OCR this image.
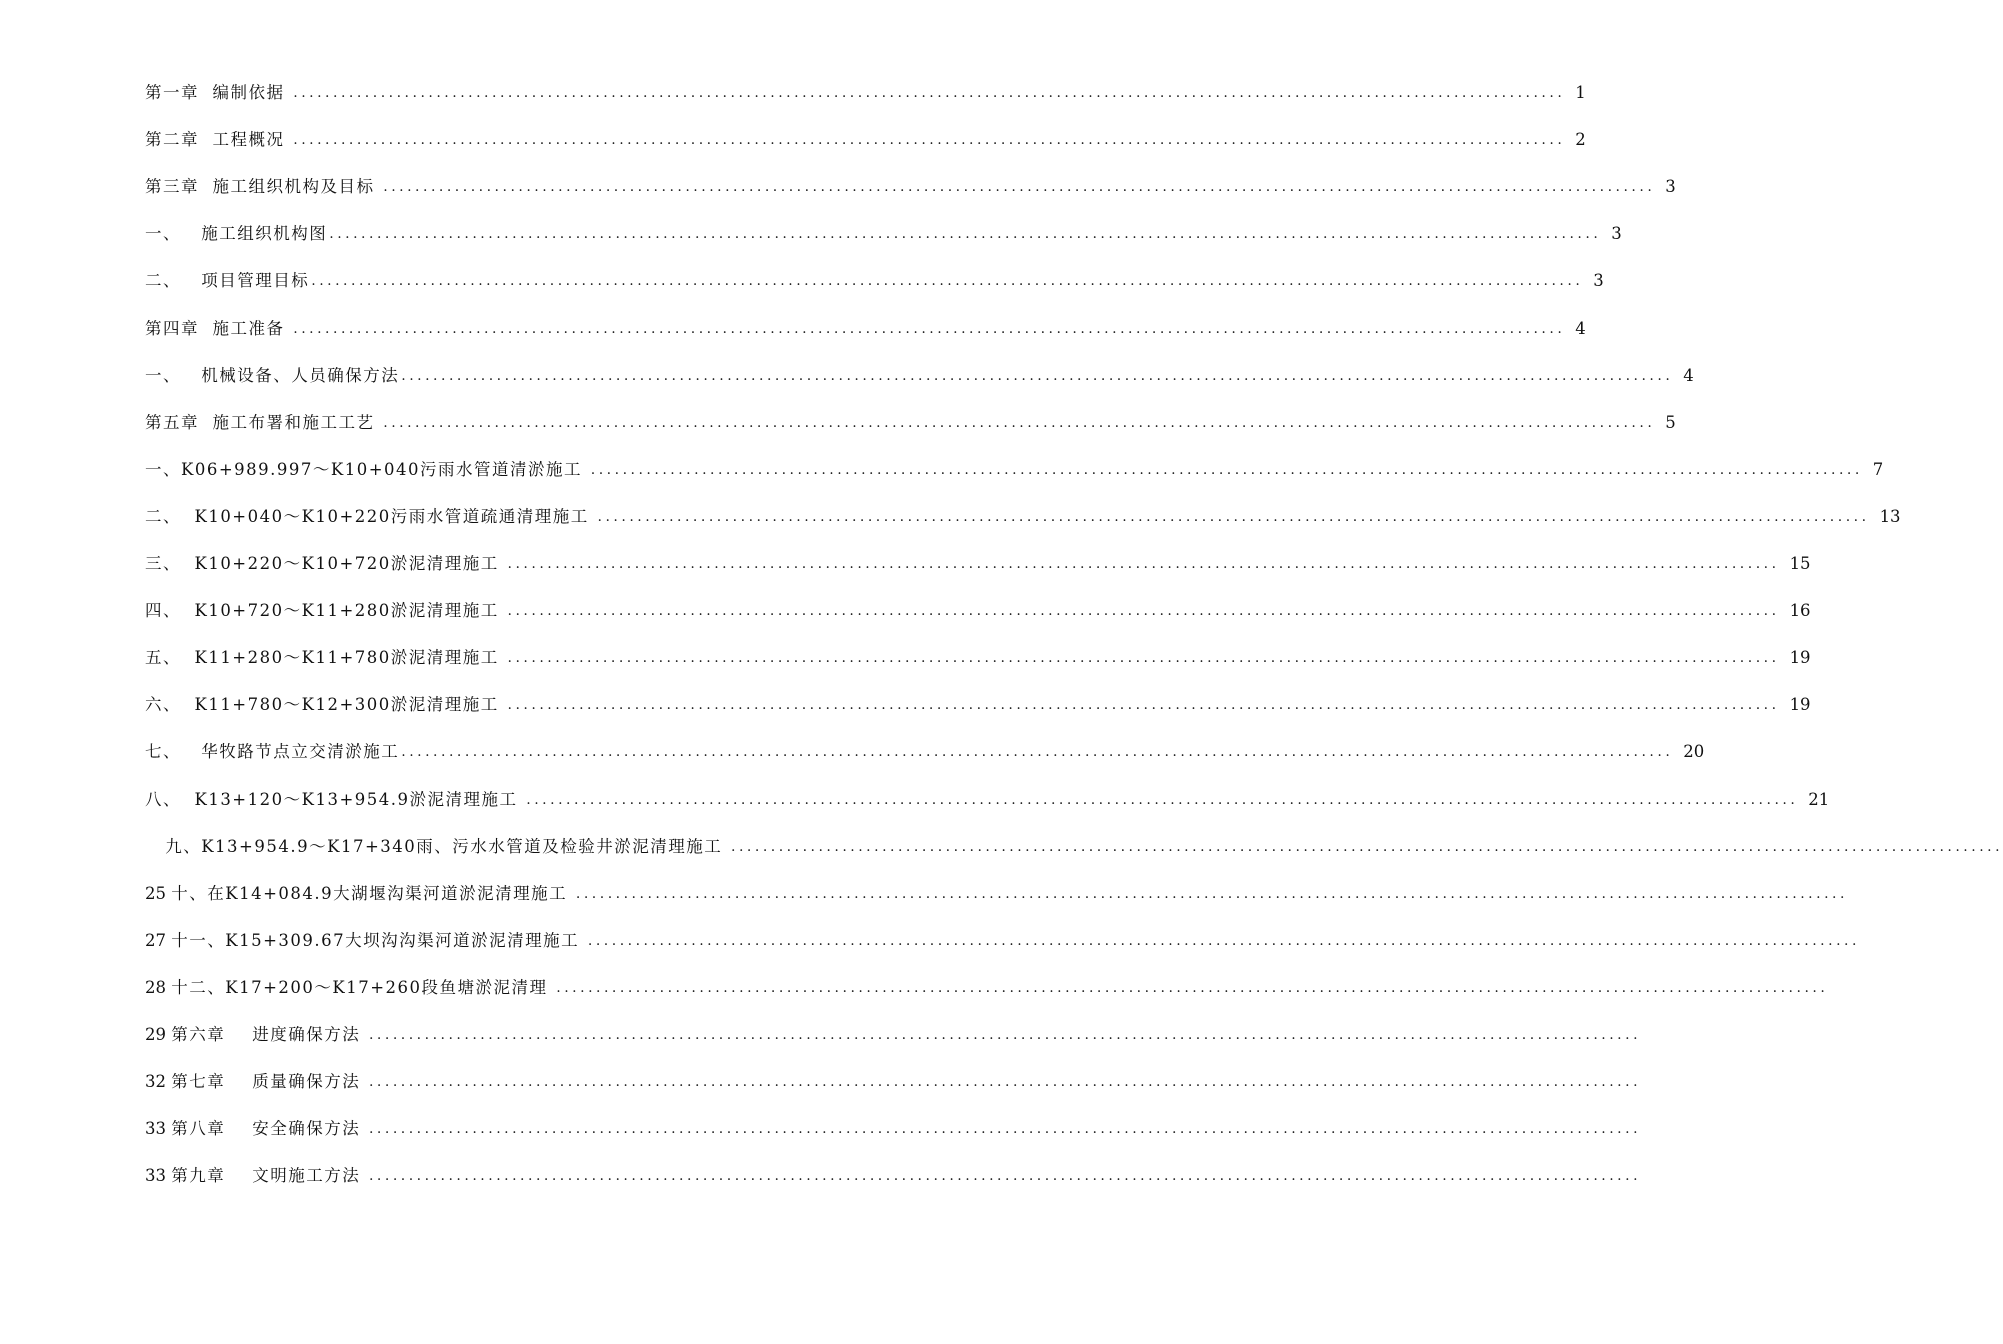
第一章  编制依据 ................................................................................................................................................................ 1
第二章  工程概况 ................................................................................................................................................................ 2
第三章  施工组织机构及目标 ................................................................................................................................................................ 3
一、   施工组织机构图 ................................................................................................................................................................ 3
二、   项目管理目标 ................................................................................................................................................................ 3
第四章  施工准备 ................................................................................................................................................................ 4
一、   机械设备、人员确保方法 ................................................................................................................................................................ 4
第五章  施工布署和施工工艺 ................................................................................................................................................................ 5
一、K06+989.997～K10+040污雨水管道清淤施工 ................................................................................................................................................................ 7
二、  K10+040～K10+220污雨水管道疏通清理施工 ................................................................................................................................................................ 13
三、  K10+220～K10+720淤泥清理施工 ................................................................................................................................................................ 15
四、  K10+720～K11+280淤泥清理施工 ................................................................................................................................................................ 16
五、  K11+280～K11+780淤泥清理施工 ................................................................................................................................................................ 19
六、  K11+780～K12+300淤泥清理施工 ................................................................................................................................................................ 19
七、   华牧路节点立交清淤施工 ................................................................................................................................................................ 20
八、  K13+120～K13+954.9淤泥清理施工 ................................................................................................................................................................ 21
九、K13+954.9～K17+340雨、污水水管道及检验井淤泥清理施工 ................................................................................................................................................................
25 十、在K14+084.9大湖堰沟渠河道淤泥清理施工 ................................................................................................................................................................
27 十一、K15+309.67大坝沟沟渠河道淤泥清理施工 ................................................................................................................................................................
28 十二、K17+200～K17+260段鱼塘淤泥清理 ................................................................................................................................................................
29 第六章    进度确保方法 ................................................................................................................................................................
32 第七章    质量确保方法 ................................................................................................................................................................
33 第八章    安全确保方法 ................................................................................................................................................................
33 第九章    文明施工方法 ................................................................................................................................................................
